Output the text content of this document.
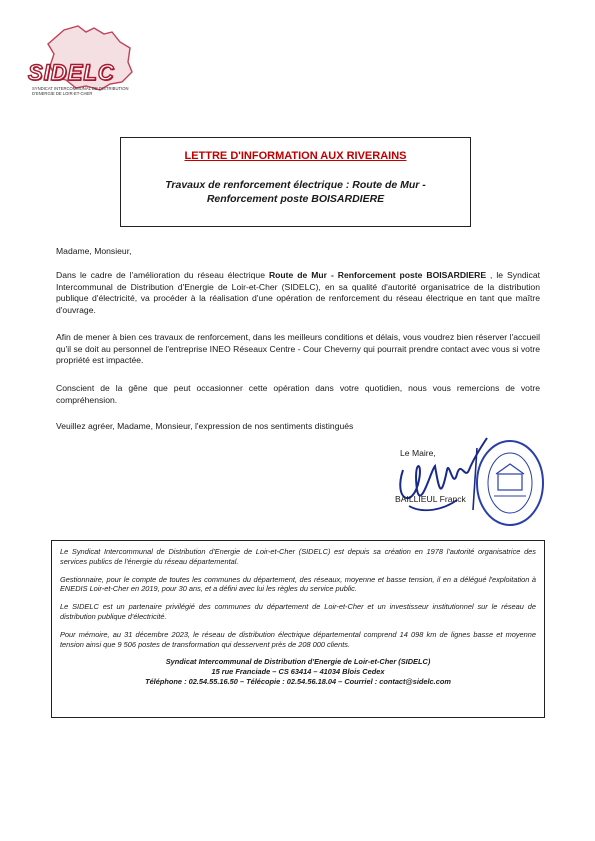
SIDELC
SYNDICAT INTERCOMMUNAL DE DISTRIBUTION D'ENERGIE DE LOIR-ET-CHER
LETTRE D'INFORMATION AUX RIVERAINS
Travaux de renforcement électrique : Route de Mur -
Renforcement poste BOISARDIERE
Madame, Monsieur,
Dans le cadre de l'amélioration du réseau électrique Route de Mur - Renforcement poste BOISARDIERE , le Syndicat Intercommunal de Distribution d'Energie de Loir-et-Cher (SIDELC), en sa qualité d'autorité organisatrice de la distribution publique d'électricité, va procéder à la réalisation d'une opération de renforcement du réseau électrique en tant que maître d'ouvrage.
Afin de mener à bien ces travaux de renforcement, dans les meilleurs conditions et délais, vous voudrez bien réserver l'accueil qu'il se doit au personnel de l'entreprise INEO Réseaux Centre - Cour Cheverny qui pourrait prendre contact avec vous si votre propriété est impactée.
Conscient de la gêne que peut occasionner cette opération dans votre quotidien, nous vous remercions de votre compréhension.
Veuillez agréer, Madame, Monsieur, l'expression de nos sentiments distingués
Le Maire,
BAILLIEUL Franck

Le Syndicat Intercommunal de Distribution d'Energie de Loir-et-Cher (SIDELC) est depuis sa création en 1978 l'autorité organisatrice des services publics de l'énergie du réseau départemental.

Gestionnaire, pour le compte de toutes les communes du département, des réseaux, moyenne et basse tension, il en a délégué l'exploitation à ENEDIS Loir-et-Cher en 2019, pour 30 ans, et a défini avec lui les règles du service public.

Le SIDELC est un partenaire privilégié des communes du département de Loir-et-Cher et un investisseur institutionnel sur le réseau de distribution publique d'électricité.

Pour mémoire, au 31 décembre 2023, le réseau de distribution électrique départemental comprend 14 098 km de lignes basse et moyenne tension ainsi que 9 506 postes de transformation qui desservent près de 208 000 clients.

Syndicat Intercommunal de Distribution d'Energie de Loir-et-Cher (SIDELC)

15 rue Franciade – CS 63414 – 41034 Blois Cedex

Téléphone : 02.54.55.16.50 – Télécopie : 02.54.56.18.04 – Courriel : contact@sidelc.com
